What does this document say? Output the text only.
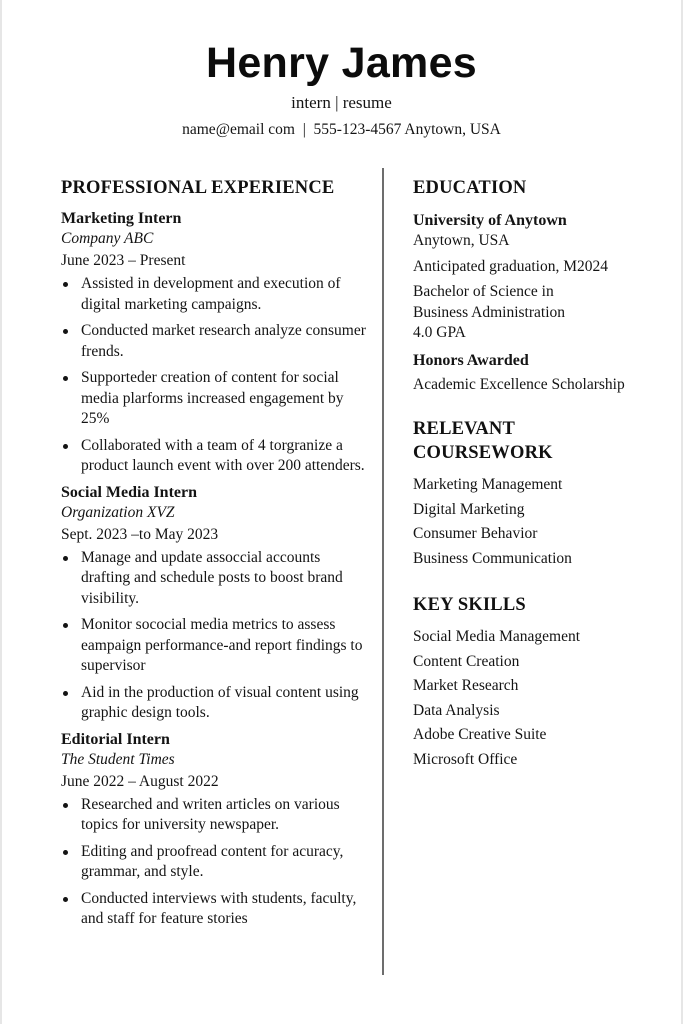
Henry James
intern | resume
name@email com  |  555-123-4567 Anytown, USA
PROFESSIONAL EXPERIENCE
Marketing Intern
Company ABC
June 2023 – Present
Assisted in development and execution of digital marketing campaigns.
Conducted market research analyze consumer frends.
Supporteder creation of content for social media plarforms increased engagement by 25%
Collaborated with a team of 4 torgranize a product launch event with over 200 attenders.
Social Media Intern
Organization XVZ
Sept. 2023 –to May 2023
Manage and update assoccial accounts drafting and schedule posts to boost brand visibility.
Monitor sococial media metrics to assess eampaign performance-and report findings to supervisor
Aid in the production of visual content using graphic design tools.
Editorial Intern
The Student Times
June 2022 – August 2022
Researched and writen articles on various topics for university newspaper.
Editing and proofread content for acuracy, grammar, and style.
Conducted interviews with students, faculty, and staff for feature stories
EDUCATION
University of Anytown
Anytown, USA
Anticipated graduation, M2024
Bachelor of Science in
Business Administration
4.0 GPA
Honors Awarded
Academic Excellence Scholarship
RELEVANT
COURSEWORK
Marketing Management
Digital Marketing
Consumer Behavior
Business Communication
KEY SKILLS
Social Media Management
Content Creation
Market Research
Data Analysis
Adobe Creative Suite
Microsoft Office
